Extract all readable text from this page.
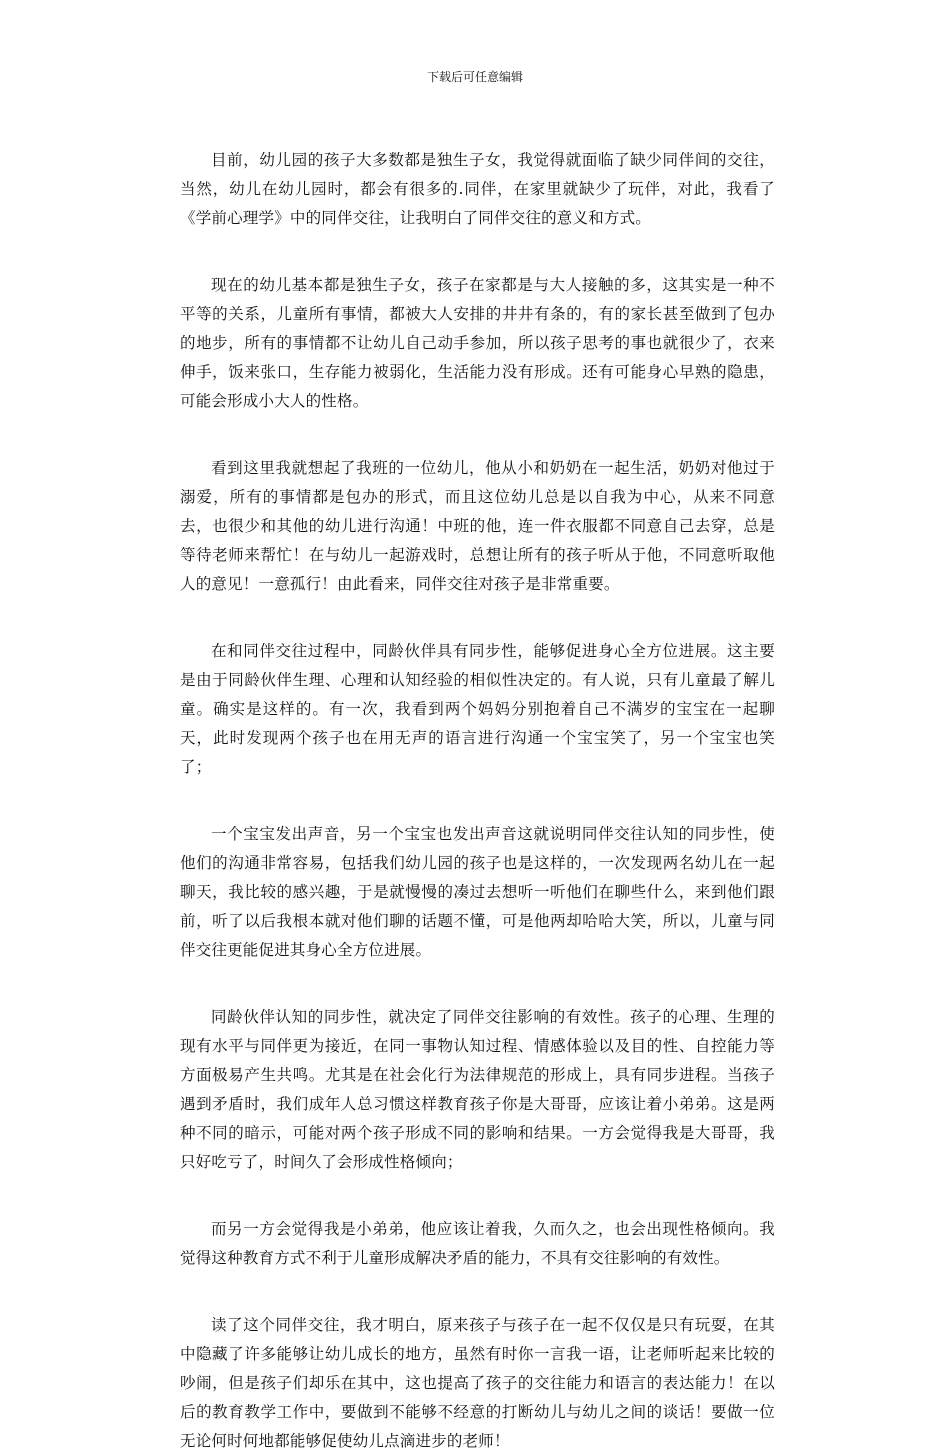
下载后可任意编辑

目前，幼儿园的孩子大多数都是独生子女，我觉得就面临了缺少同伴间的交往，当然，幼儿在幼儿园时，都会有很多的.同伴，在家里就缺少了玩伴，对此，我看了《学前心理学》中的同伴交往，让我明白了同伴交往的意义和方式。

现在的幼儿基本都是独生子女，孩子在家都是与大人接触的多，这其实是一种不平等的关系，儿童所有事情，都被大人安排的井井有条的，有的家长甚至做到了包办的地步，所有的事情都不让幼儿自己动手参加，所以孩子思考的事也就很少了，衣来伸手，饭来张口，生存能力被弱化，生活能力没有形成。还有可能身心早熟的隐患，可能会形成小大人的性格。

看到这里我就想起了我班的一位幼儿，他从小和奶奶在一起生活，奶奶对他过于溺爱，所有的事情都是包办的形式，而且这位幼儿总是以自我为中心，从来不同意去，也很少和其他的幼儿进行沟通！中班的他，连一件衣服都不同意自己去穿，总是等待老师来帮忙！在与幼儿一起游戏时，总想让所有的孩子听从于他，不同意听取他人的意见！一意孤行！由此看来，同伴交往对孩子是非常重要。

在和同伴交往过程中，同龄伙伴具有同步性，能够促进身心全方位进展。这主要是由于同龄伙伴生理、心理和认知经验的相似性决定的。有人说，只有儿童最了解儿童。确实是这样的。有一次，我看到两个妈妈分别抱着自己不满岁的宝宝在一起聊天，此时发现两个孩子也在用无声的语言进行沟通一个宝宝笑了，另一个宝宝也笑了；

一个宝宝发出声音，另一个宝宝也发出声音这就说明同伴交往认知的同步性，使他们的沟通非常容易，包括我们幼儿园的孩子也是这样的，一次发现两名幼儿在一起聊天，我比较的感兴趣，于是就慢慢的凑过去想听一听他们在聊些什么，来到他们跟前，听了以后我根本就对他们聊的话题不懂，可是他两却哈哈大笑，所以，儿童与同伴交往更能促进其身心全方位进展。

同龄伙伴认知的同步性，就决定了同伴交往影响的有效性。孩子的心理、生理的现有水平与同伴更为接近，在同一事物认知过程、情感体验以及目的性、自控能力等方面极易产生共鸣。尤其是在社会化行为法律规范的形成上，具有同步进程。当孩子遇到矛盾时，我们成年人总习惯这样教育孩子你是大哥哥，应该让着小弟弟。这是两种不同的暗示，可能对两个孩子形成不同的影响和结果。一方会觉得我是大哥哥，我只好吃亏了，时间久了会形成性格倾向；

而另一方会觉得我是小弟弟，他应该让着我，久而久之，也会出现性格倾向。我觉得这种教育方式不利于儿童形成解决矛盾的能力，不具有交往影响的有效性。

读了这个同伴交往，我才明白，原来孩子与孩子在一起不仅仅是只有玩耍，在其中隐藏了许多能够让幼儿成长的地方，虽然有时你一言我一语，让老师听起来比较的吵闹，但是孩子们却乐在其中，这也提高了孩子的交往能力和语言的表达能力！在以后的教育教学工作中，要做到不能够不经意的打断幼儿与幼儿之间的谈话！要做一位无论何时何地都能够促使幼儿点滴进步的老师！
